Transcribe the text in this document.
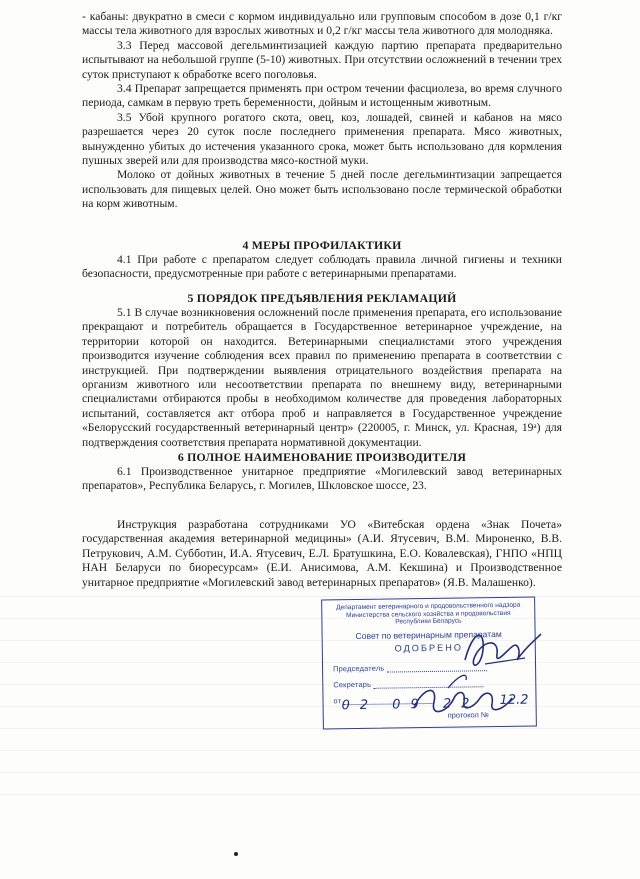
- кабаны: двукратно в смеси с кормом индивидуально или групповым способом в дозе 0,1 г/кг массы тела животного для взрослых животных и 0,2 г/кг массы тела животного для молодняка.

3.3 Перед массовой дегельминтизацией каждую партию препарата предварительно испытывают на небольшой группе (5-10) животных. При отсутствии осложнений в течении трех суток приступают к обработке всего поголовья.

3.4 Препарат запрещается применять при остром течении фасциолеза, во время случного периода, самкам в первую треть беременности, дойным и истощенным животным.

3.5 Убой крупного рогатого скота, овец, коз, лошадей, свиней и кабанов на мясо разрешается через 20 суток после последнего применения препарата. Мясо животных, вынужденно убитых до истечения указанного срока, может быть использовано для кормления пушных зверей или для производства мясо-костной муки.

Молоко от дойных животных в течение 5 дней после дегельминтизации запрещается использовать для пищевых целей. Оно может быть использовано после термической обработки на корм животным.

4 МЕРЫ ПРОФИЛАКТИКИ

4.1 При работе с препаратом следует соблюдать правила личной гигиены и техники безопасности, предусмотренные при работе с ветеринарными препаратами.

5 ПОРЯДОК ПРЕДЪЯВЛЕНИЯ РЕКЛАМАЦИЙ

5.1 В случае возникновения осложнений после применения препарата, его использование прекращают и потребитель обращается в Государственное ветеринарное учреждение, на территории которой он находится. Ветеринарными специалистами этого учреждения производится изучение соблюдения всех правил по применению препарата в соответствии с инструкцией. При подтверждении выявления отрицательного воздействия препарата на организм животного или несоответствии препарата по внешнему виду, ветеринарными специалистами отбираются пробы в необходимом количестве для проведения лабораторных испытаний, составляется акт отбора проб и направляется в Государственное учреждение «Белорусский государственный ветеринарный центр» (220005, г. Минск, ул. Красная, 19ᵃ) для подтверждения соответствия препарата нормативной документации.

6 ПОЛНОЕ НАИМЕНОВАНИЕ ПРОИЗВОДИТЕЛЯ

6.1 Производственное унитарное предприятие «Могилевский завод ветеринарных препаратов», Республика Беларусь, г. Могилев, Шкловское шоссе, 23.

Инструкция разработана сотрудниками УО «Витебская ордена «Знак Почета» государственная академия ветеринарной медицины» (А.И. Ятусевич, В.М. Мироненко, В.В. Петрукович, А.М. Субботин, И.А. Ятусевич, Е.Л. Братушкина, Е.О. Ковалевская), ГНПО «НПЦ НАН Беларуси по биоресурсам» (Е.И. Анисимова, А.М. Кекшина) и Производственное унитарное предприятие «Могилевский завод ветеринарных препаратов» (Я.В. Малашенко).

Департамент ветеринарного и продовольственного надзора Министерства сельского хозяйства и продовольствия Республики Беларусь
Совет по ветеринарным препаратам
ОДОБРЕНО
Председатель
Секретарь
от
протокол №
02 09 22 12.2
